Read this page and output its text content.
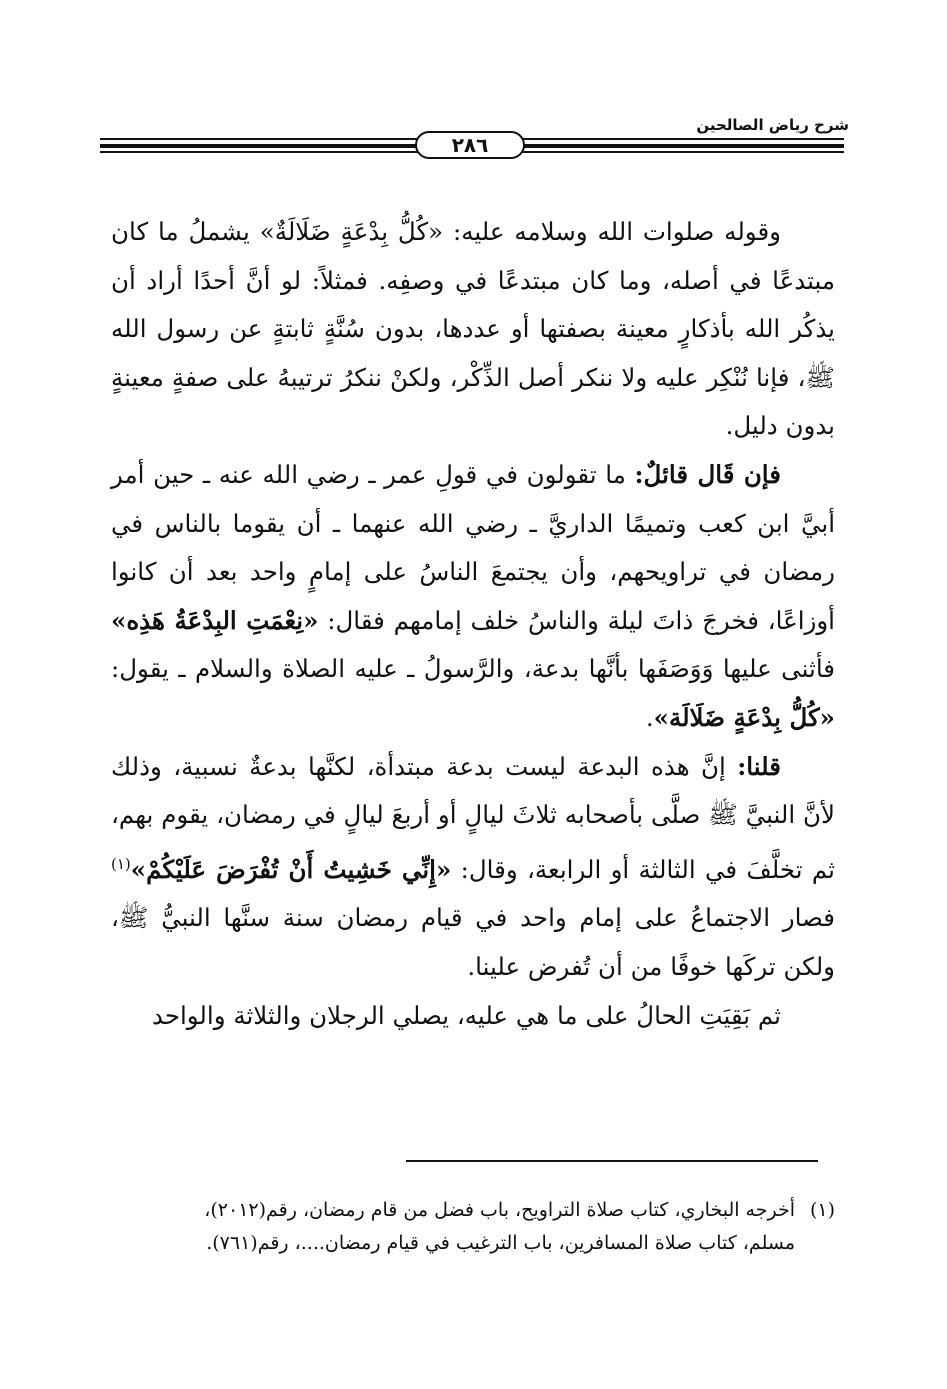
شرح رياض الصالحين
٢٨٦

وقوله صلوات الله وسلامه عليه: «كُلُّ بِدْعَةٍ ضَلَالَةٌ» يشملُ ما كان مبتدعًا في أصله، وما كان مبتدعًا في وصفِه. فمثلاً: لو أنَّ أحدًا أراد أن يذكُر الله بأذكارٍ معينة بصفتها أو عددها، بدون سُنَّةٍ ثابتةٍ عن رسول الله ﷺ، فإنا نُنْكِر عليه ولا ننكر أصل الذِّكْر، ولكنْ ننكرُ ترتيبهُ على صفةٍ معينةٍ بدون دليل.

فإن قَال قائلٌ: ما تقولون في قولِ عمر ـ رضي الله عنه ـ حين أمر أبيَّ ابن كعب وتميمًا الداريَّ ـ رضي الله عنهما ـ أن يقوما بالناس في رمضان في تراويحهم، وأن يجتمعَ الناسُ على إمامٍ واحد بعد أن كانوا أوزاعًا، فخرجَ ذاتَ ليلة والناسُ خلف إمامهم فقال: «نِعْمَتِ البِدْعَةُ هَذِه» فأثنى عليها وَوَصَفَها بأنَّها بدعة، والرَّسولُ ـ عليه الصلاة والسلام ـ يقول: «كُلُّ بِدْعَةٍ ضَلَالَة».

قلنا: إنَّ هذه البدعة ليست بدعة مبتدأة، لكنَّها بدعةٌ نسبية، وذلك لأنَّ النبيَّ ﷺ صلَّى بأصحابه ثلاثَ ليالٍ أو أربعَ ليالٍ في رمضان، يقوم بهم، ثم تخلَّفَ في الثالثة أو الرابعة، وقال: «إِنِّي خَشِيتُ أَنْ تُفْرَضَ عَلَيْكُمْ»$^{(١)}$ فصار الاجتماعُ على إمام واحد في قيام رمضان سنة سنَّها النبيُّ ﷺ، ولكن تركَها خوفًا من أن تُفرض علينا.

ثم بَقِيَتِ الحالُ على ما هي عليه، يصلي الرجلان والثلاثة والواحد

(١)أخرجه البخاري، كتاب صلاة التراويح، باب فضل من قام رمضان، رقم(٢٠١٢)،

مسلم، كتاب صلاة المسافرين، باب الترغيب في قيام رمضان....، رقم(٧٦١).
